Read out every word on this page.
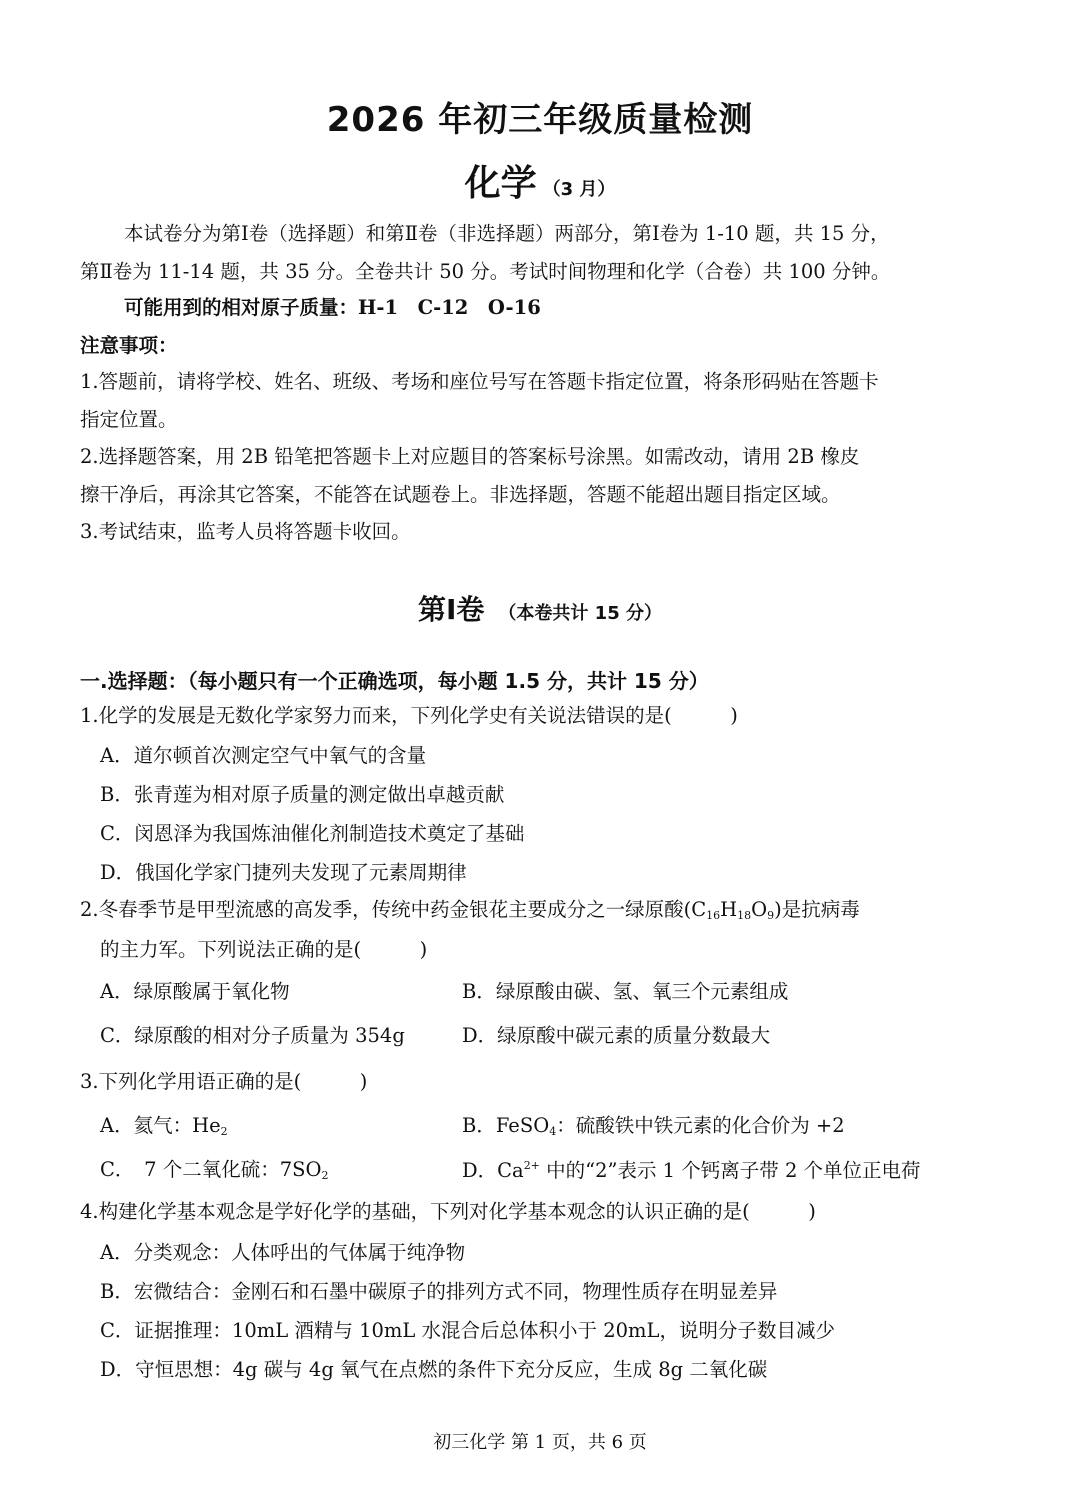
2026 年初三年级质量检测
化学 （3 月）
本试卷分为第Ⅰ卷（选择题）和第Ⅱ卷（非选择题）两部分，第Ⅰ卷为 1-10 题，共 15 分，
第Ⅱ卷为 11-14 题，共 35 分。全卷共计 50 分。考试时间物理和化学（合卷）共 100 分钟。
可能用到的相对原子质量：H-1　C-12　O-16
注意事项：
1.答题前，请将学校、姓名、班级、考场和座位号写在答题卡指定位置，将条形码贴在答题卡
指定位置。
2.选择题答案，用 2B 铅笔把答题卡上对应题目的答案标号涂黑。如需改动，请用 2B 橡皮
擦干净后，再涂其它答案，不能答在试题卷上。非选择题，答题不能超出题目指定区域。
3.考试结束，监考人员将答题卡收回。
第Ⅰ卷 （本卷共计 15 分）
一.选择题：（每小题只有一个正确选项，每小题 1.5 分，共计 15 分）
1.化学的发展是无数化学家努力而来，下列化学史有关说法错误的是(　　　)
A．道尔顿首次测定空气中氧气的含量
B．张青莲为相对原子质量的测定做出卓越贡献
C．闵恩泽为我国炼油催化剂制造技术奠定了基础
D．俄国化学家门捷列夫发现了元素周期律
2.冬春季节是甲型流感的高发季，传统中药金银花主要成分之一绿原酸$(C_{16}H_{18}O_9)$是抗病毒
的主力军。下列说法正确的是(　　　)
A．绿原酸属于氧化物	B．绿原酸由碳、氢、氧三个元素组成
C．绿原酸的相对分子质量为 354g	D．绿原酸中碳元素的质量分数最大
3.下列化学用语正确的是(　　　)
A．氦气：$He_2$	B．FeSO$_4$：硫酸铁中铁元素的化合价为 +2
C．　7 个二氧化硫：$7SO_2$	D．$Ca^{2+}$ 中的“2”表示 1 个钙离子带 2 个单位正电荷
4.构建化学基本观念是学好化学的基础，下列对化学基本观念的认识正确的是(　　　)
A．分类观念：人体呼出的气体属于纯净物
B．宏微结合：金刚石和石墨中碳原子的排列方式不同，物理性质存在明显差异
C．证据推理：10mL 酒精与 10mL 水混合后总体积小于 20mL，说明分子数目减少
D．守恒思想：4g 碳与 4g 氧气在点燃的条件下充分反应，生成 8g 二氧化碳
初三化学 第 1 页，共 6 页
